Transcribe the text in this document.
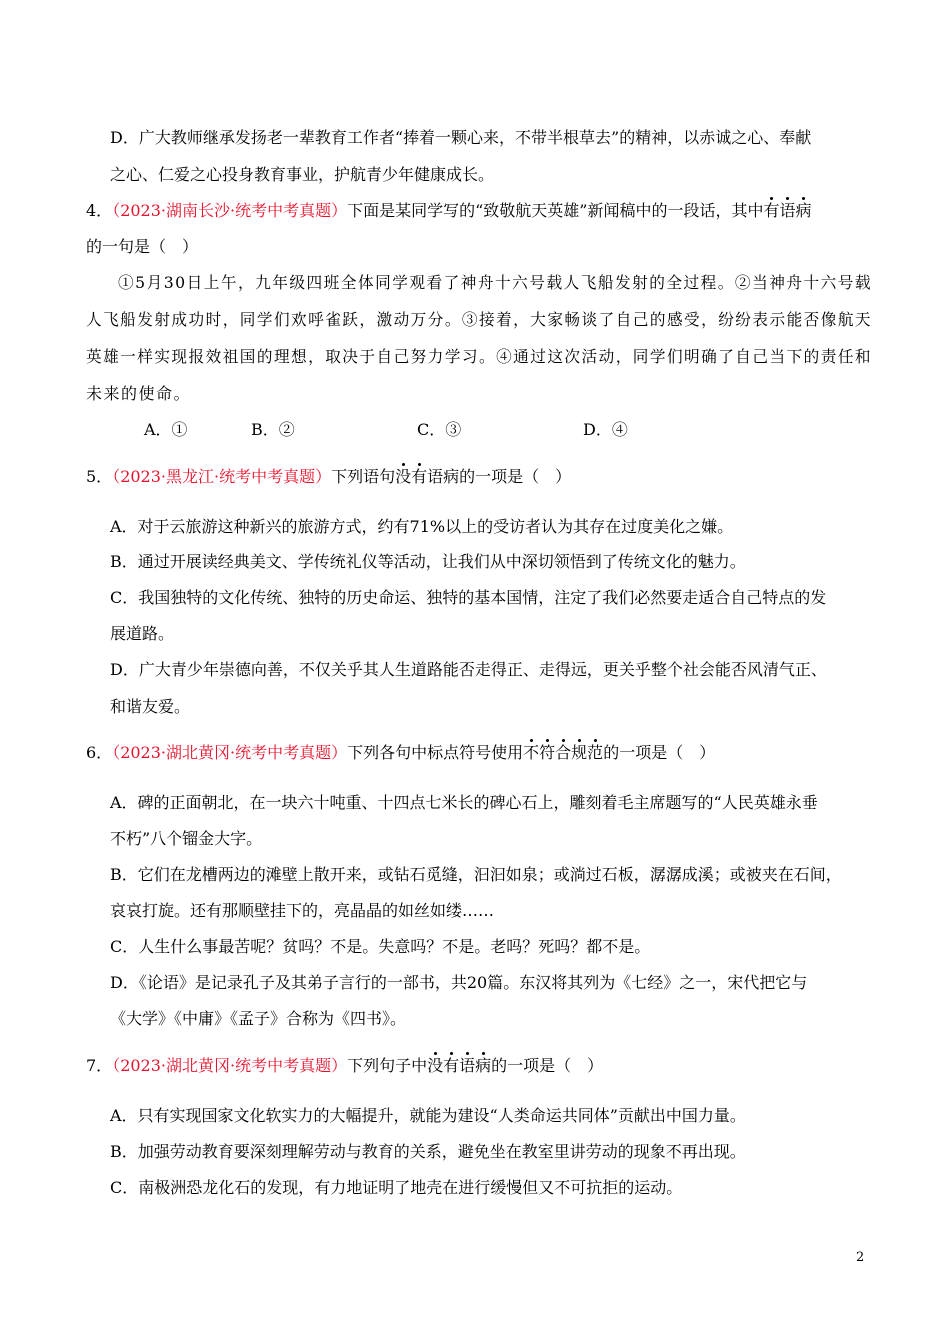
D．广大教师继承发扬老一辈教育工作者“捧着一颗心来，不带半根草去”的精神，以赤诚之心、奉献
之心、仁爱之心投身教育事业，护航青少年健康成长。
4．（2023·湖南长沙·统考中考真题）下面是某同学写的“致敬航天英雄”新闻稿中的一段话，其中有语病
的一句是（　）
①5月30日上午，九年级四班全体同学观看了神舟十六号载人飞船发射的全过程。②当神舟十六号载
人飞船发射成功时，同学们欢呼雀跃，激动万分。③接着，大家畅谈了自己的感受，纷纷表示能否像航天
英雄一样实现报效祖国的理想，取决于自己努力学习。④通过这次活动，同学们明确了自己当下的责任和
未来的使命。
A．①	B．②	C．③	D．④
5．（2023·黑龙江·统考中考真题）下列语句没有语病的一项是（　）
A．对于云旅游这种新兴的旅游方式，约有71%以上的受访者认为其存在过度美化之嫌。
B．通过开展读经典美文、学传统礼仪等活动，让我们从中深切领悟到了传统文化的魅力。
C．我国独特的文化传统、独特的历史命运、独特的基本国情，注定了我们必然要走适合自己特点的发
展道路。
D．广大青少年崇德向善，不仅关乎其人生道路能否走得正、走得远，更关乎整个社会能否风清气正、
和谐友爱。
6．（2023·湖北黄冈·统考中考真题）下列各句中标点符号使用不符合规范的一项是（　）
A．碑的正面朝北，在一块六十吨重、十四点七米长的碑心石上，雕刻着毛主席题写的“人民英雄永垂
不朽”八个镏金大字。
B．它们在龙槽两边的滩壁上散开来，或钻石觅缝，汩汩如泉；或淌过石板，潺潺成溪；或被夹在石间，
哀哀打旋。还有那顺壁挂下的，亮晶晶的如丝如缕……
C．人生什么事最苦呢？贫吗？不是。失意吗？不是。老吗？死吗？都不是。
D．《论语》是记录孔子及其弟子言行的一部书，共20篇。东汉将其列为《七经》之一，宋代把它与
《大学》《中庸》《孟子》合称为《四书》。
7．（2023·湖北黄冈·统考中考真题）下列句子中没有语病的一项是（　）
A．只有实现国家文化软实力的大幅提升，就能为建设“人类命运共同体”贡献出中国力量。
B．加强劳动教育要深刻理解劳动与教育的关系，避免坐在教室里讲劳动的现象不再出现。
C．南极洲恐龙化石的发现，有力地证明了地壳在进行缓慢但又不可抗拒的运动。
2
